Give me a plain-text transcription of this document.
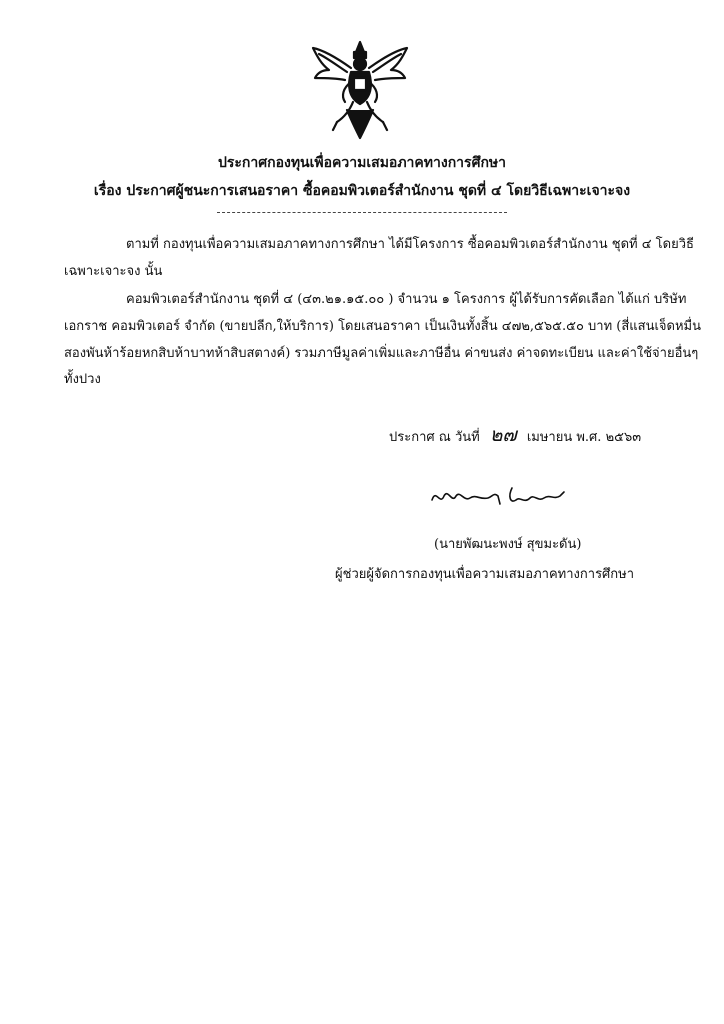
ประกาศกองทุนเพื่อความเสมอภาคทางการศึกษา
เรื่อง ประกาศผู้ชนะการเสนอราคา ซื้อคอมพิวเตอร์สำนักงาน ชุดที่ ๔ โดยวิธีเฉพาะเจาะจง
ตามที่ กองทุนเพื่อความเสมอภาคทางการศึกษา ได้มีโครงการ ซื้อคอมพิวเตอร์สำนักงาน ชุดที่ ๔ โดยวิธี
เฉพาะเจาะจง นั้น
คอมพิวเตอร์สำนักงาน ชุดที่ ๔ (๔๓.๒๑.๑๕.๐๐ ) จำนวน ๑ โครงการ ผู้ได้รับการคัดเลือก ได้แก่ บริษัท
เอกราช คอมพิวเตอร์ จำกัด (ขายปลีก,ให้บริการ) โดยเสนอราคา เป็นเงินทั้งสิ้น ๔๗๒,๕๖๕.๕๐ บาท (สี่แสนเจ็ดหมื่น
สองพันห้าร้อยหกสิบห้าบาทห้าสิบสตางค์) รวมภาษีมูลค่าเพิ่มและภาษีอื่น ค่าขนส่ง ค่าจดทะเบียน และค่าใช้จ่ายอื่นๆ
ทั้งปวง
ประกาศ ณ วันที่ ๒๗ เมษายน พ.ศ. ๒๕๖๓
(นายพัฒนะพงษ์ สุขมะดัน)
ผู้ช่วยผู้จัดการกองทุนเพื่อความเสมอภาคทางการศึกษา
